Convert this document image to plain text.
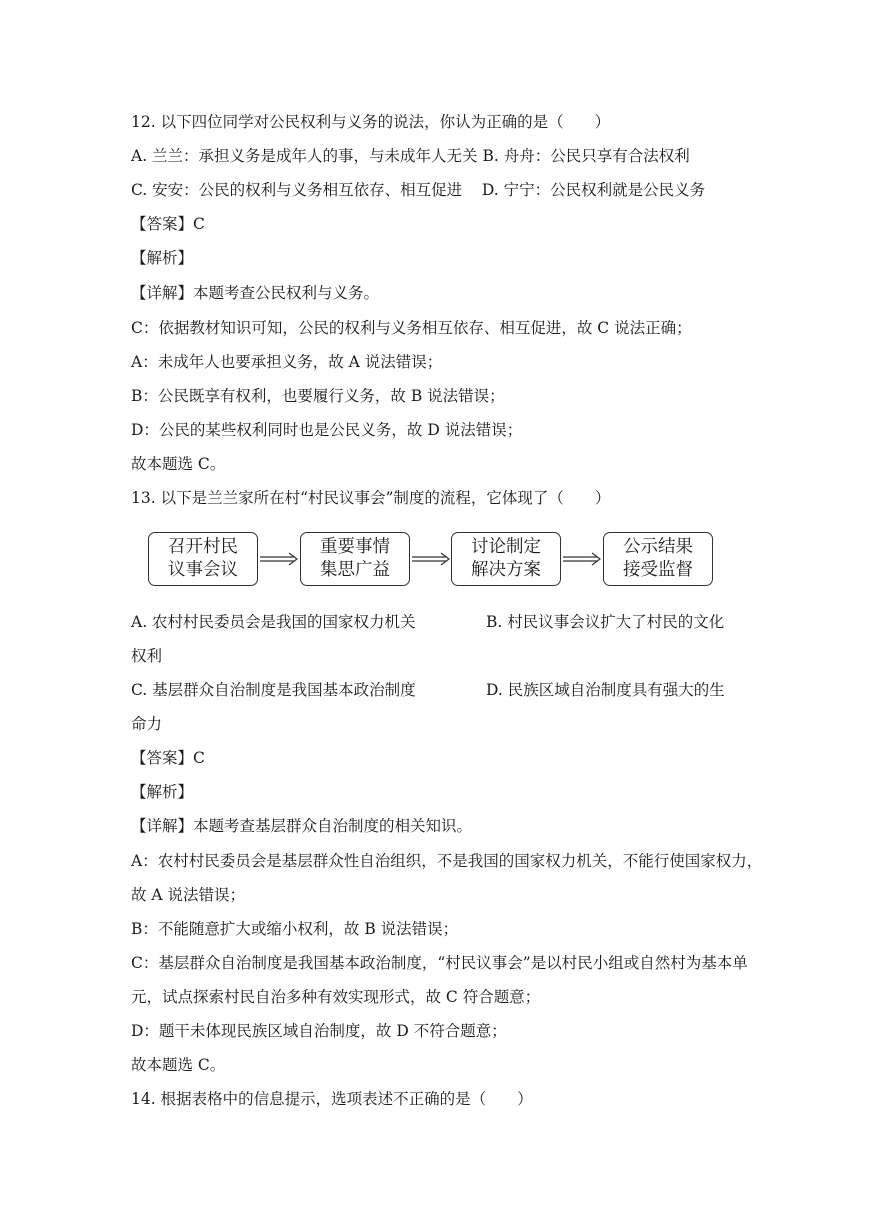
12. 以下四位同学对公民权利与义务的说法，你认为正确的是（　　）
A. 兰兰：承担义务是成年人的事，与未成年人无关 B. 舟舟：公民只享有合法权利
C. 安安：公民的权利与义务相互依存、相互促进 D. 宁宁：公民权利就是公民义务
【答案】C
【解析】
【详解】本题考查公民权利与义务。
C：依据教材知识可知，公民的权利与义务相互依存、相互促进，故 C 说法正确；
A：未成年人也要承担义务，故 A 说法错误；
B：公民既享有权利，也要履行义务，故 B 说法错误；
D：公民的某些权利同时也是公民义务，故 D 说法错误；
故本题选 C。
13. 以下是兰兰家所在村“村民议事会”制度的流程，它体现了（　　）
召开村民
议事会议
重要事情
集思广益
讨论制定
解决方案
公示结果
接受监督
A. 农村村民委员会是我国的国家权力机关	B. 村民议事会议扩大了村民的文化
权利
C. 基层群众自治制度是我国基本政治制度	D. 民族区域自治制度具有强大的生
命力
【答案】C
【解析】
【详解】本题考查基层群众自治制度的相关知识。
A：农村村民委员会是基层群众性自治组织，不是我国的国家权力机关，不能行使国家权力，
故 A 说法错误；
B：不能随意扩大或缩小权利，故 B 说法错误；
C：基层群众自治制度是我国基本政治制度，“村民议事会”是以村民小组或自然村为基本单
元，试点探索村民自治多种有效实现形式，故 C 符合题意；
D：题干未体现民族区域自治制度，故 D 不符合题意；
故本题选 C。
14. 根据表格中的信息提示，选项表述不正确的是（　　）
